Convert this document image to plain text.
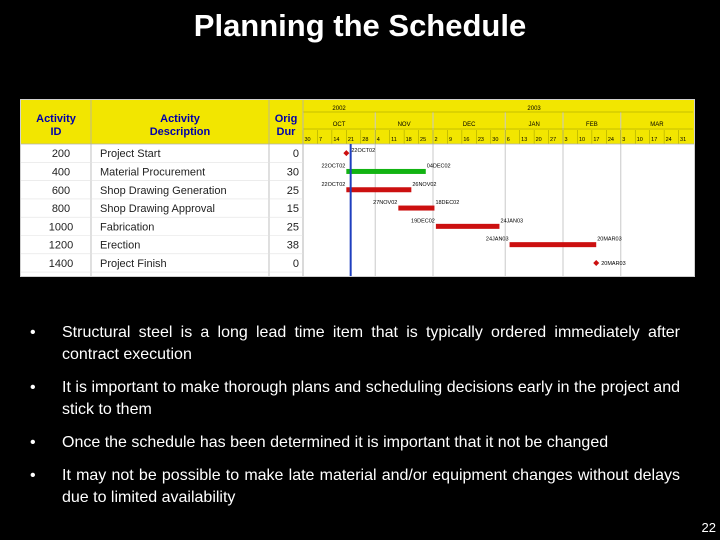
Planning the Schedule
Activity
ID
Activity
Description
Orig
Dur
2002
OCT
30 7 14 21 28
NOV
4 11 18 25
DEC
2 9 16 23 30
2003
JAN
6 13 20 27
FEB
3 10 17 24
MAR
3 10 17 24 31
200	Project Start	0	22OCT02
400	Material Procurement	30	22OCT02	04DEC02
600	Shop Drawing Generation	25	22OCT02	26NOV02
800	Shop Drawing Approval	15	27NOV02	18DEC02
1000 Fabrication	25	19DEC02	24JAN03
1200 Erection	38	24JAN03	20MAR03
1400 Project Finish	0	20MAR03
• Structural steel is a long lead time item that is typically ordered immediately after contract execution
• It is important to make thorough plans and scheduling decisions early in the project and stick to them
• Once the schedule has been determined it is important that it not be changed
• It may not be possible to make late material and/or equipment changes without delays due to limited availability
22
